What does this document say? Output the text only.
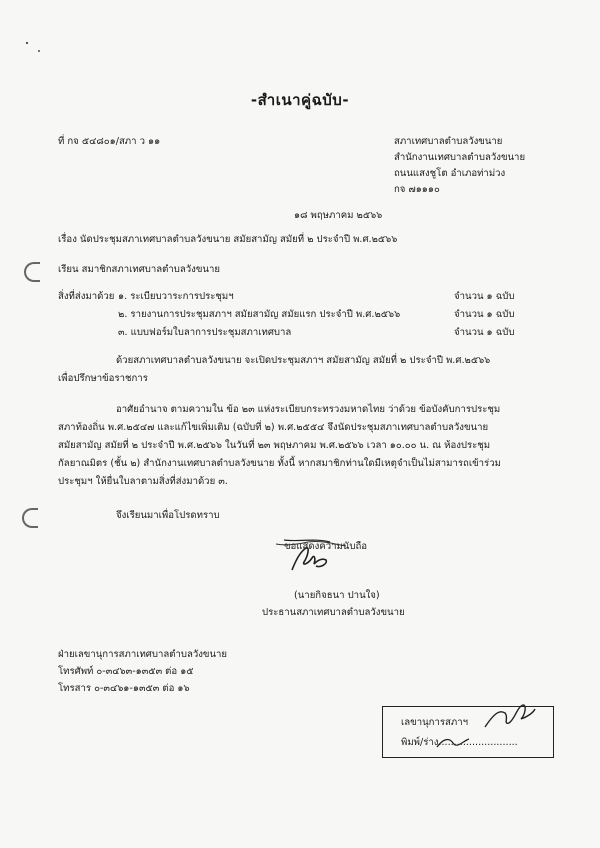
-สำเนาคู่ฉบับ-
ที่ กจ ๕๔๘๐๑/สภา ว ๑๑	สภาเทศบาลตำบลวังขนาย
สำนักงานเทศบาลตำบลวังขนาย
ถนนแสงชูโต อำเภอท่าม่วง
กจ ๗๑๑๑๐
๑๘ พฤษภาคม ๒๕๖๖
เรื่อง นัดประชุมสภาเทศบาลตำบลวังขนาย สมัยสามัญ สมัยที่ ๒ ประจำปี พ.ศ.๒๕๖๖
เรียน สมาชิกสภาเทศบาลตำบลวังขนาย
สิ่งที่ส่งมาด้วย ๑. ระเบียบวาระการประชุมฯ	จำนวน ๑ ฉบับ
๒. รายงานการประชุมสภาฯ สมัยสามัญ สมัยแรก ประจำปี พ.ศ.๒๕๖๖	จำนวน ๑ ฉบับ
๓. แบบฟอร์มใบลาการประชุมสภาเทศบาล	จำนวน ๑ ฉบับ
ด้วยสภาเทศบาลตำบลวังขนาย จะเปิดประชุมสภาฯ สมัยสามัญ สมัยที่ ๒ ประจำปี พ.ศ.๒๕๖๖
เพื่อปรึกษาข้อราชการ
อาศัยอำนาจ ตามความใน ข้อ ๒๓ แห่งระเบียบกระทรวงมหาดไทย ว่าด้วย ข้อบังคับการประชุม
สภาท้องถิ่น พ.ศ.๒๕๔๗ และแก้ไขเพิ่มเติม (ฉบับที่ ๒) พ.ศ.๒๕๕๔ จึงนัดประชุมสภาเทศบาลตำบลวังขนาย
สมัยสามัญ สมัยที่ ๒ ประจำปี พ.ศ.๒๕๖๖ ในวันที่ ๒๓ พฤษภาคม พ.ศ.๒๕๖๖ เวลา ๑๐.๐๐ น. ณ ห้องประชุม
กัลยาณมิตร (ชั้น ๒) สำนักงานเทศบาลตำบลวังขนาย ทั้งนี้ หากสมาชิกท่านใดมีเหตุจำเป็นไม่สามารถเข้าร่วม
ประชุมฯ ให้ยื่นใบลาตามสิ่งที่ส่งมาด้วย ๓.
จึงเรียนมาเพื่อโปรดทราบ
ขอแสดงความนับถือ
(นายกิจธนา ปานใจ)
ประธานสภาเทศบาลตำบลวังขนาย
ฝ่ายเลขานุการสภาเทศบาลตำบลวังขนาย
โทรศัพท์ ๐-๓๔๖๓-๑๓๕๓ ต่อ ๑๕
โทรสาร ๐-๓๔๖๑-๑๓๕๓ ต่อ ๑๖
เลขานุการสภาฯ
พิมพ์/ร่าง..........................
